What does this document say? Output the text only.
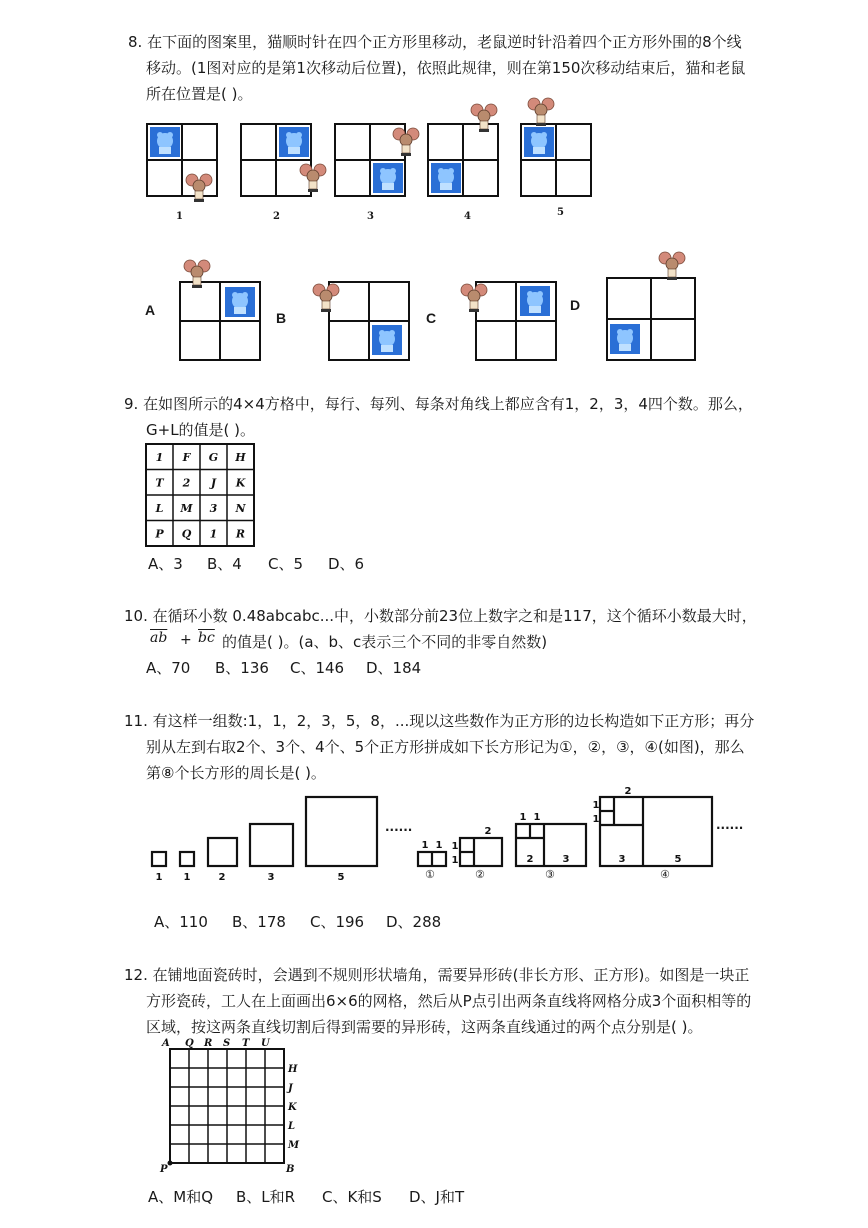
8. 在下面的图案里，猫顺时针在四个正方形里移动，老鼠逆时针沿着四个正方形外围的8个线
移动。(1图对应的是第1次移动后位置)，依照此规律，则在第150次移动结束后，猫和老鼠
所在位置是( )。
1	2	3	4	5
A	B	C
D
9. 在如图所示的4×4方格中，每行、每列、每条对角线上都应含有1，2，3，4四个数。那么，
G+L的值是( )。
1 F G H
T 2 J K
L M 3 N
P Q 1 R
A、3 B、4 C、5 D、6
10. 在循环小数 0.48abcabc...中，小数部分前23位上数字之和是117，这个循环小数最大时，
$\overline{ab} + \overline{bc}$ 的值是( )。(a、b、c表示三个不同的非零自然数)
A、70 B、136 C、146 D、184
11. 有这样一组数:1，1，2，3，5，8，...现以这些数作为正方形的边长构造如下正方形；再分
别从左到右取2个、3个、4个、5个正方形拼成如下长方形记为①，②，③，④(如图)，那么
第⑧个长方形的周长是( )。
1 1	2	3	5
1 1 1
1
2
1 1
1
1
2	3
2
3	5
......	......
①	②	③	④
A、110 B、178 C、196 D、288
12. 在铺地面瓷砖时，会遇到不规则形状墙角，需要异形砖(非长方形、正方形)。如图是一块正
方形瓷砖，工人在上面画出6×6的网格，然后从P点引出两条直线将网格分成3个面积相等的
区域，按这两条直线切割后得到需要的异形砖，这两条直线通过的两个点分别是( )。
A Q R S T U
H
J
K
L
M
P	B
A、M和Q B、L和R C、K和S D、J和T
